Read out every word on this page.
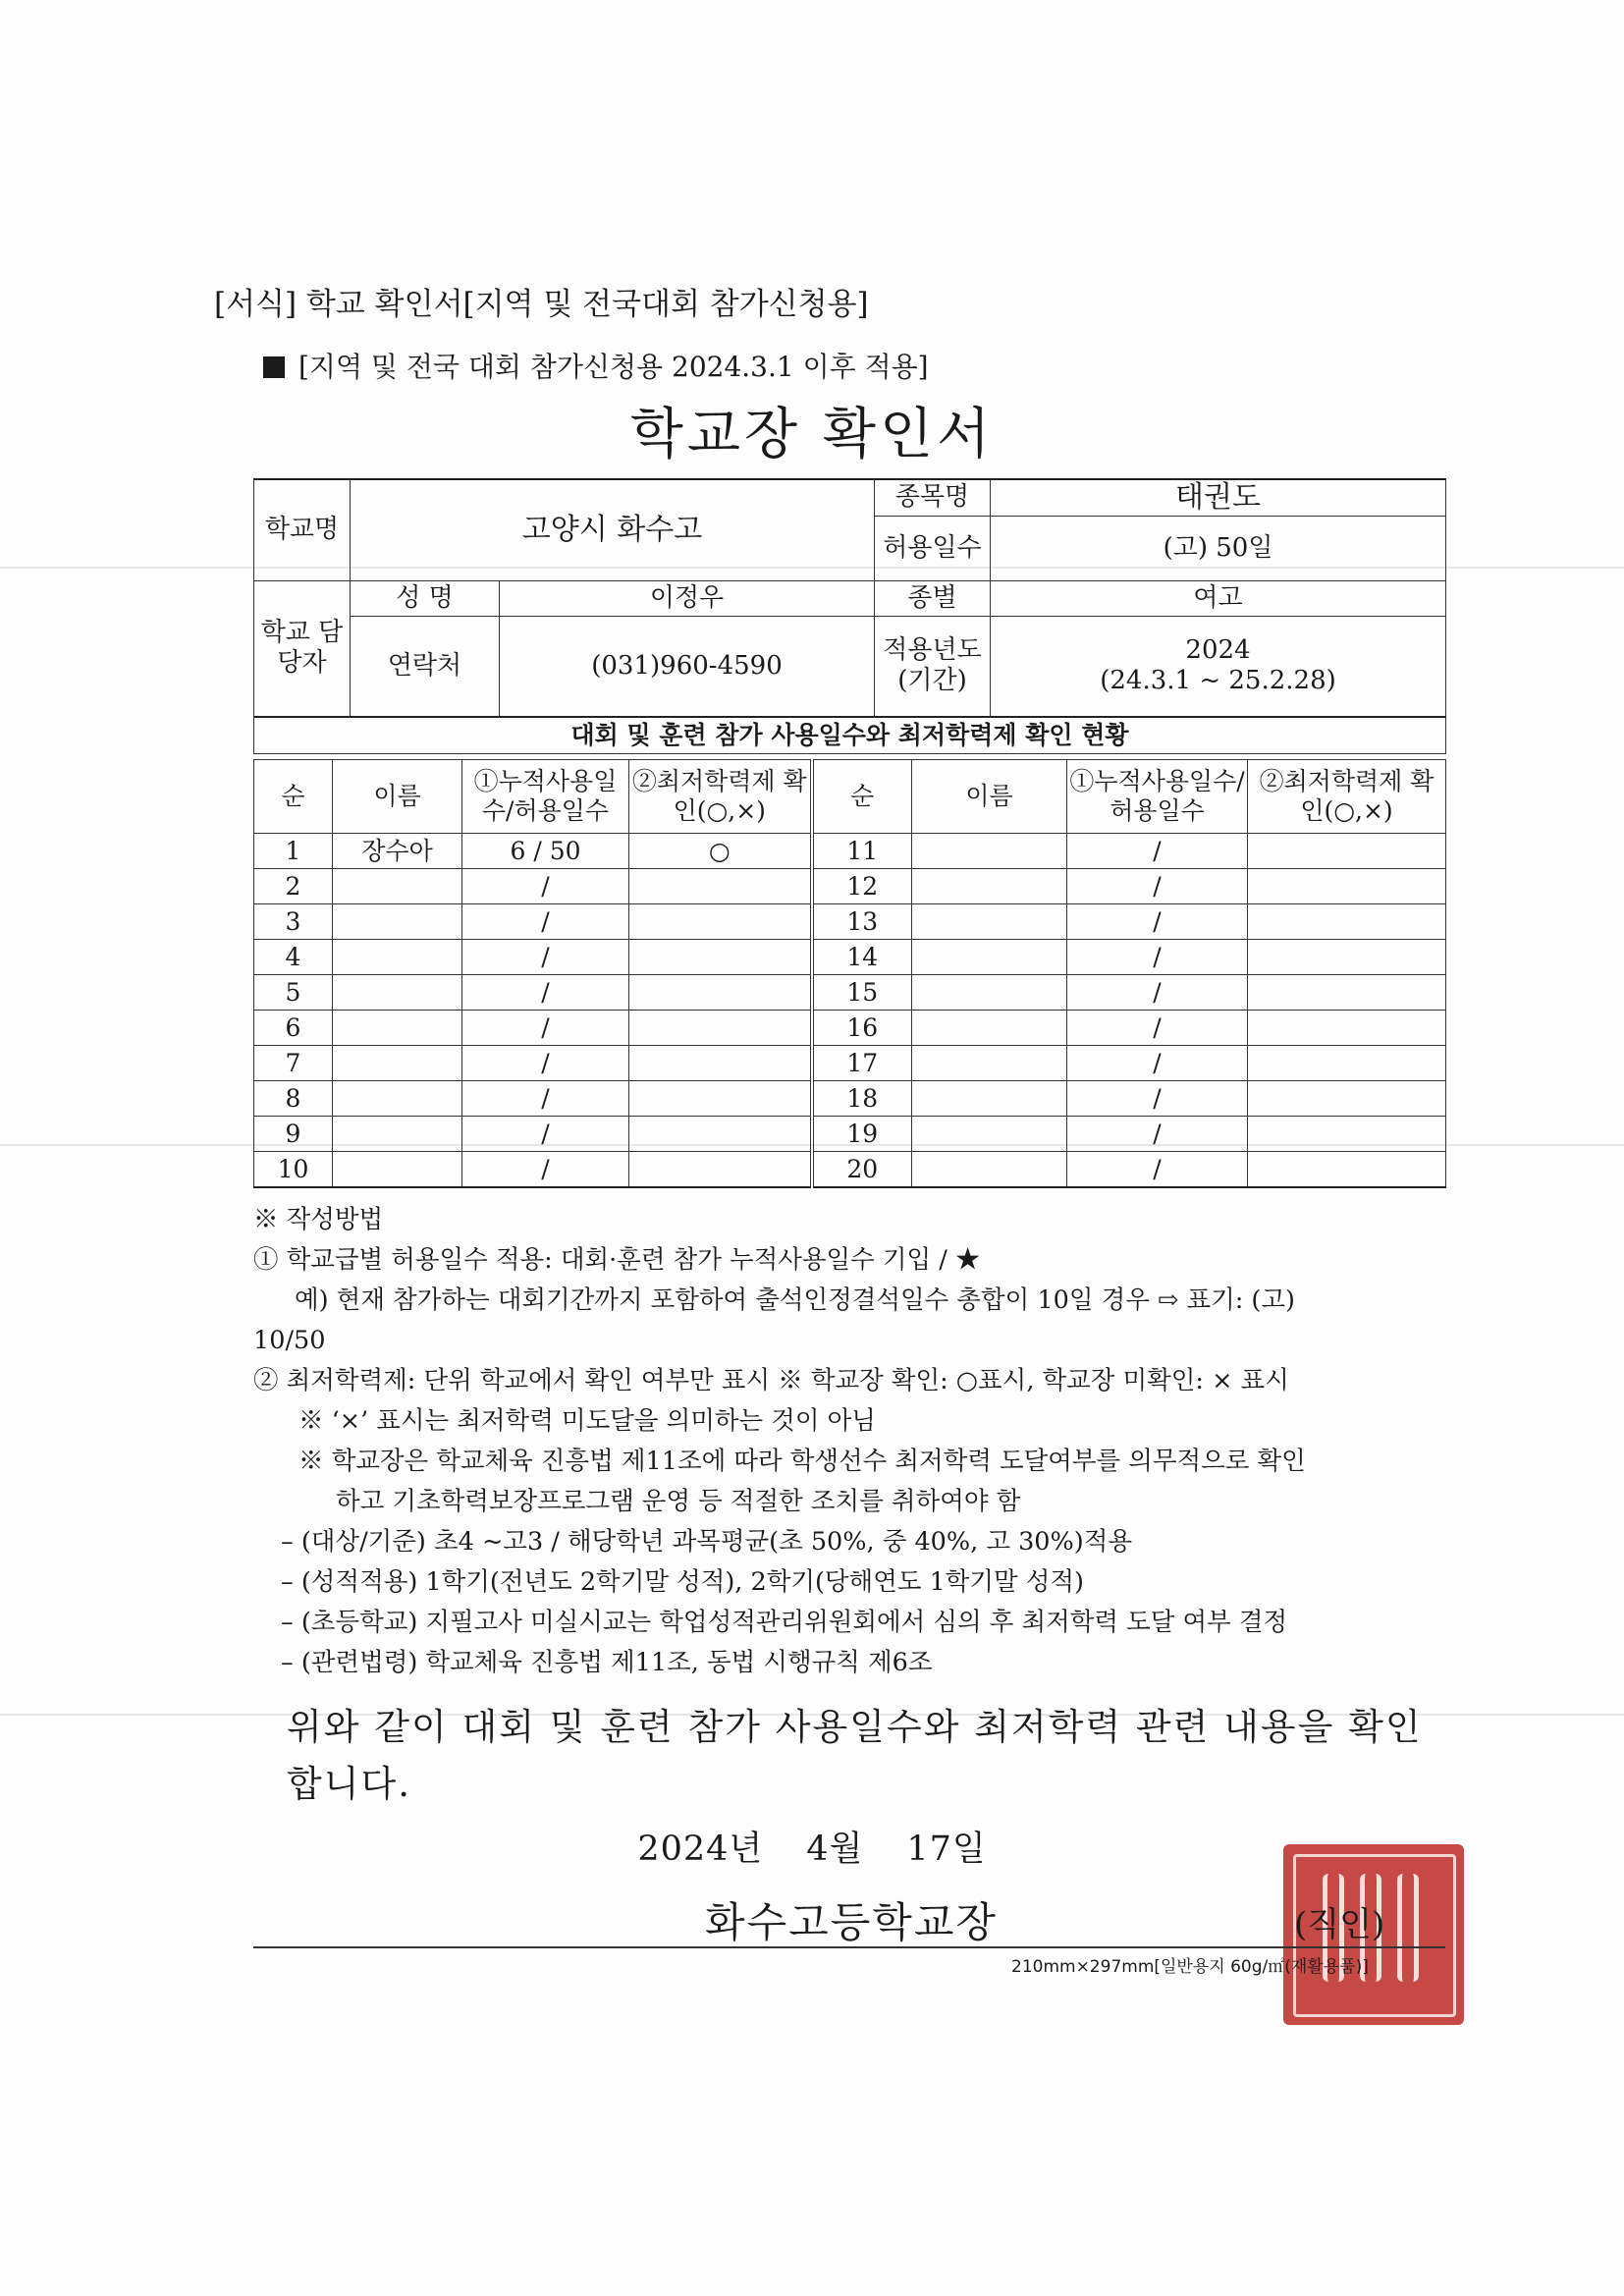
[서식] 학교 확인서[지역 및 전국대회 참가신청용]
[지역 및 전국 대회 참가신청용 2024.3.1 이후 적용]
학교장 확인서
학교명	고양시 화수고		종목명	태권도
			허용일수	(고) 50일
학교 담당자	성 명	이정우	종별	여고
	연락처	(031)960-4590	적용년도 (기간)	2024
(24.3.1 ~ 25.2.28)

대회 및 훈련 참가 사용일수와 최저학력제 확인 현황				
순	이름	①누적사용일수/허용일수	②최저학력제 확인(○,×)	순	이름	①누적사용일수/허용일수	②최저학력제 확인(○,×)
1	장수아	6 / 50	○	11		/	
2		/		12		/	
3		/		13		/	
4		/		14		/	
5		/		15		/	
6		/		16		/	
7		/		17		/	
8		/		18		/	
9		/		19		/	
10		/		20		/	

※ 작성방법

① 학교급별 허용일수 적용: 대회·훈련 참가 누적사용일수 기입 / ★

예) 현재 참가하는 대회기간까지 포함하여 출석인정결석일수 총합이 10일 경우 ⇨ 표기: (고)

10/50

② 최저학력제: 단위 학교에서 확인 여부만 표시 ※ 학교장 확인: ○표시, 학교장 미확인: × 표시

※ ‘×’ 표시는 최저학력 미도달을 의미하는 것이 아님

※ 학교장은 학교체육 진흥법 제11조에 따라 학생선수 최저학력 도달여부를 의무적으로 확인

하고 기초학력보장프로그램 운영 등 적절한 조치를 취하여야 함

– (대상/기준) 초4 ~고3 / 해당학년 과목평균(초 50%, 중 40%, 고 30%)적용

– (성적적용) 1학기(전년도 2학기말 성적), 2학기(당해연도 1학기말 성적)

– (초등학교) 지필고사 미실시교는 학업성적관리위원회에서 심의 후 최저학력 도달 여부 결정

– (관련법령) 학교체육 진흥법 제11조, 동법 시행규칙 제6조

위와 같이 대회 및 훈련 참가 사용일수와 최저학력 관련 내용을 확인합니다.
2024년 4월 17일
화수고등학교장	(직인)
210mm×297mm[일반용지 60g/㎡(재활용품)]
